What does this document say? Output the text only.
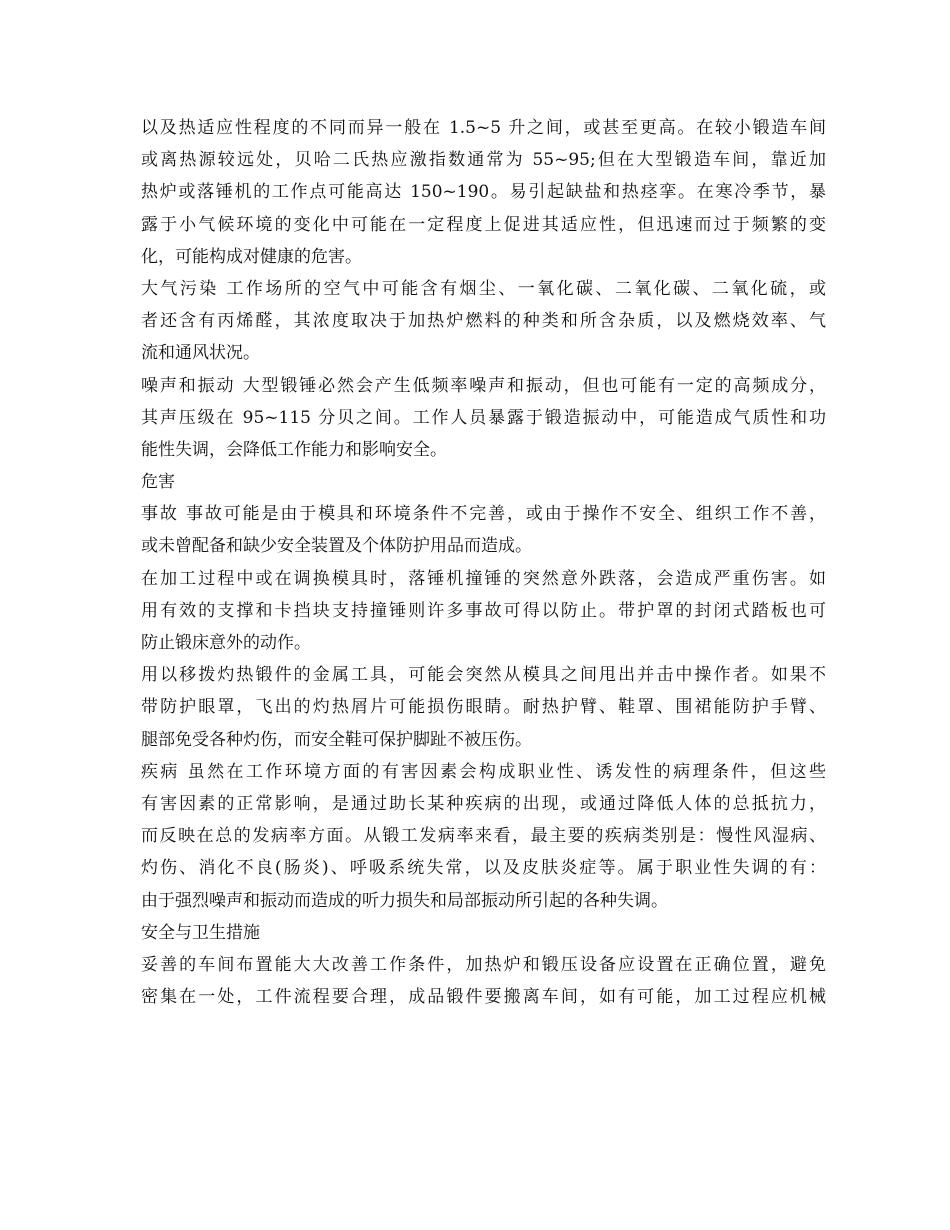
以及热适应性程度的不同而异一般在 1.5~5 升之间，或甚至更高。在较小锻造车间
或离热源较远处，贝哈二氏热应激指数通常为 55~95;但在大型锻造车间，靠近加
热炉或落锤机的工作点可能高达 150~190。易引起缺盐和热痉挛。在寒冷季节，暴
露于小气候环境的变化中可能在一定程度上促进其适应性，但迅速而过于频繁的变
化，可能构成对健康的危害。
大气污染 工作场所的空气中可能含有烟尘、一氧化碳、二氧化碳、二氧化硫，或
者还含有丙烯醛，其浓度取决于加热炉燃料的种类和所含杂质，以及燃烧效率、气
流和通风状况。
噪声和振动 大型锻锤必然会产生低频率噪声和振动，但也可能有一定的高频成分，
其声压级在 95~115 分贝之间。工作人员暴露于锻造振动中，可能造成气质性和功
能性失调，会降低工作能力和影响安全。
危害
事故 事故可能是由于模具和环境条件不完善，或由于操作不安全、组织工作不善，
或未曾配备和缺少安全装置及个体防护用品而造成。
在加工过程中或在调换模具时，落锤机撞锤的突然意外跌落，会造成严重伤害。如
用有效的支撑和卡挡块支持撞锤则许多事故可得以防止。带护罩的封闭式踏板也可
防止锻床意外的动作。
用以移拨灼热锻件的金属工具，可能会突然从模具之间甩出并击中操作者。如果不
带防护眼罩，飞出的灼热屑片可能损伤眼睛。耐热护臂、鞋罩、围裙能防护手臂、
腿部免受各种灼伤，而安全鞋可保护脚趾不被压伤。
疾病 虽然在工作环境方面的有害因素会构成职业性、诱发性的病理条件，但这些
有害因素的正常影响，是通过助长某种疾病的出现，或通过降低人体的总抵抗力，
而反映在总的发病率方面。从锻工发病率来看，最主要的疾病类别是：慢性风湿病、
灼伤、消化不良(肠炎)、呼吸系统失常，以及皮肤炎症等。属于职业性失调的有：
由于强烈噪声和振动而造成的听力损失和局部振动所引起的各种失调。
安全与卫生措施
妥善的车间布置能大大改善工作条件，加热炉和锻压设备应设置在正确位置，避免
密集在一处，工件流程要合理，成品锻件要搬离车间，如有可能，加工过程应机械
